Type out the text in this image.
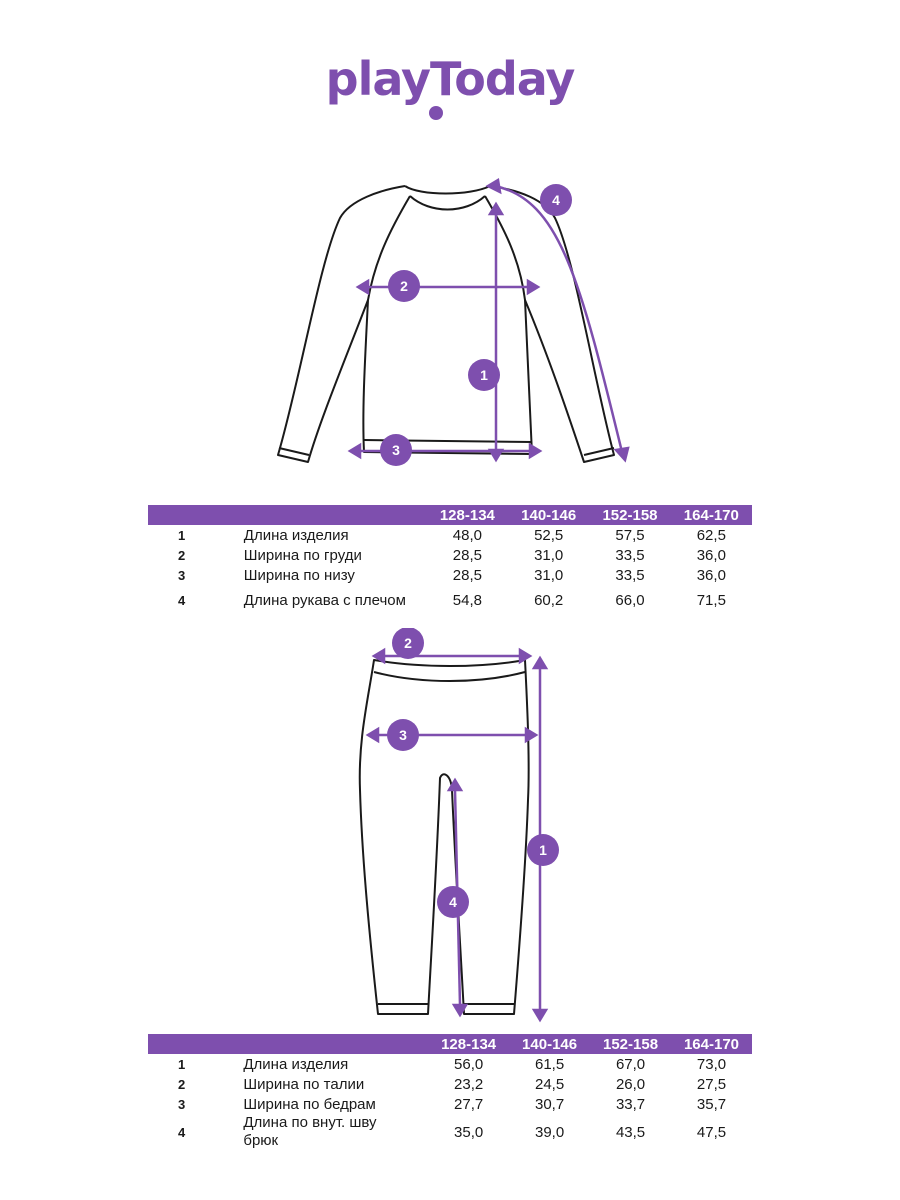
playToday
1
2
3
4
		128-134	140-146	152-158	164-170
1	Длина изделия	48,0	52,5	57,5	62,5
2	Ширина по груди	28,5	31,0	33,5	36,0
3	Ширина по низу	28,5	31,0	33,5	36,0
4	Длина рукава с плечом	54,8	60,2	66,0	71,5
1
2
3
4
		128-134	140-146	152-158	164-170
1	Длина изделия	56,0	61,5	67,0	73,0
2	Ширина по талии	23,2	24,5	26,0	27,5
3	Ширина по бедрам	27,7	30,7	33,7	35,7
4	Длина по внут. шву брюк	35,0	39,0	43,5	47,5
